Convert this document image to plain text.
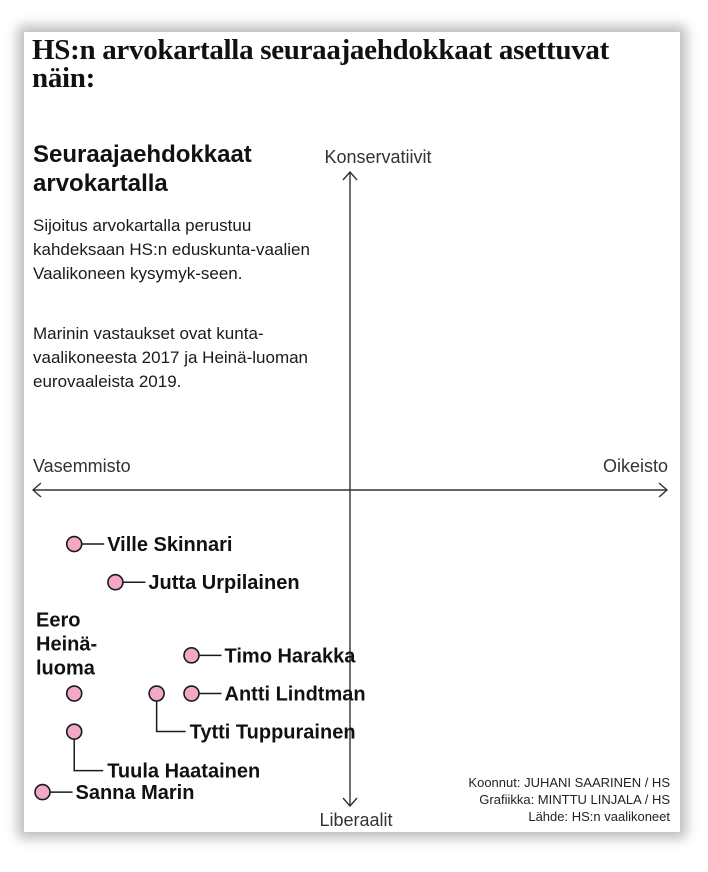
HS:n arvokartalla seuraajaehdokkaat asettuvat näin:
Seuraajaehdokkaat arvokartalla

Sijoitus arvokartalla perustuu kahdeksaan HS:n eduskunta-vaalien Vaalikoneen kysymyk-seen.

Marinin vastaukset ovat kunta-vaalikoneesta 2017 ja Heinä-luoman eurovaaleista 2019.

Vasemmisto	Oikeisto
Konservatiivit
Liberaalit
Ville Skinnari
Jutta Urpilainen
Timo Harakka
Antti Lindtman
Tytti Tuppurainen
Eero Heinä-luoma
Tuula Haatainen
Sanna Marin	Koonnut: JUHANI SAARINEN / HS
Grafiikka: MINTTU LINJALA / HS
Lähde: HS:n vaalikoneet
